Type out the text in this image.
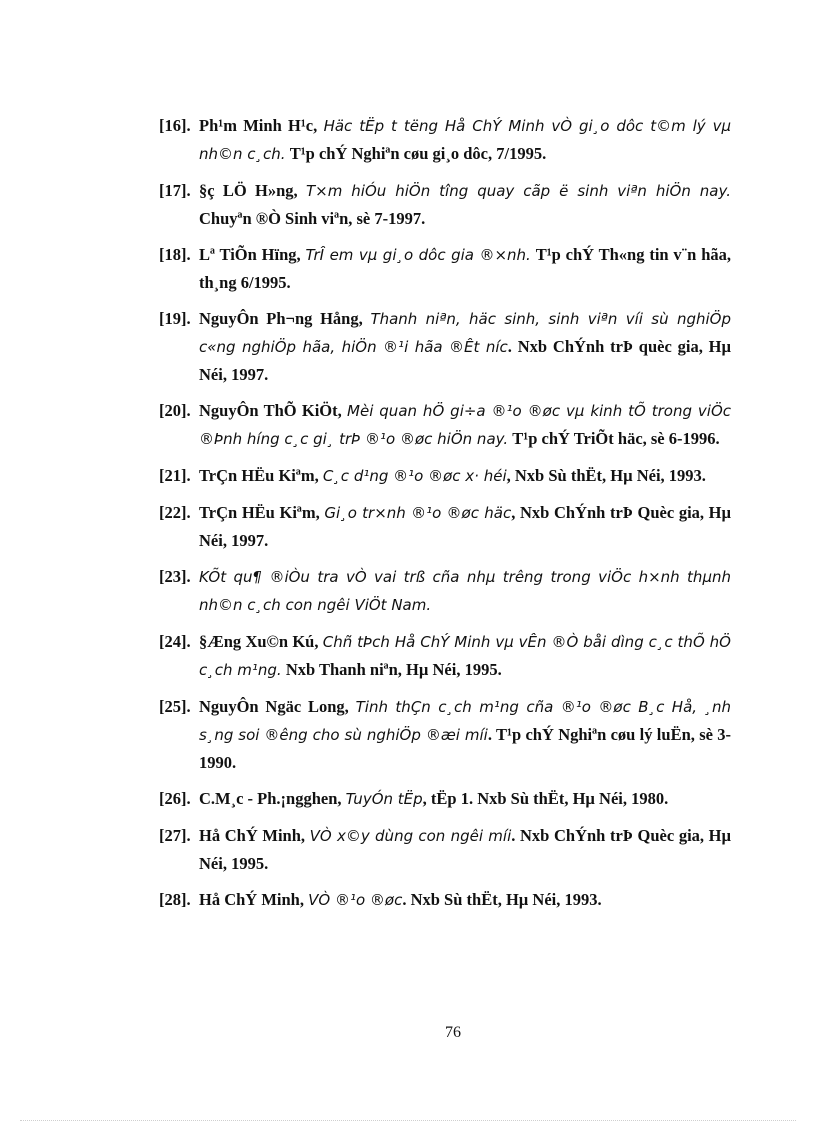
[16]. Ph¹m Minh H¹c, Häc tËp t tëng Hå ChÝ Minh vÒ gi¸o dôc t©m lý vµ nh©n c¸ch. T¹p chÝ Nghiªn cøu gi¸o dôc, 7/1995.
[17]. §ç LÖ H»ng, T×m hiÓu hiÖn tîng quay cãp ë sinh viªn hiÖn nay. Chuyªn ®Ò Sinh viªn, sè 7-1997.
[18]. Lª TiÕn Hïng, TrÎ em vµ gi¸o dôc gia ®×nh. T¹p chÝ Th«ng tin v¨n hãa, th¸ng 6/1995.
[19]. NguyÔn Ph¬ng Hång, Thanh niªn, häc sinh, sinh viªn víi sù nghiÖp c«ng nghiÖp hãa, hiÖn ®¹i hãa ®Êt níc. Nxb ChÝnh trÞ quèc gia, Hµ Néi, 1997.
[20]. NguyÔn ThÕ KiÖt, Mèi quan hÖ gi÷a ®¹o ®øc vµ kinh tÕ trong viÖc ®Þnh híng c¸c gi¸ trÞ ®¹o ®øc hiÖn nay. T¹p chÝ TriÕt häc, sè 6-1996.
[21]. TrÇn HËu Kiªm, C¸c d¹ng ®¹o ®øc x· héi, Nxb Sù thËt, Hµ Néi, 1993.
[22]. TrÇn HËu Kiªm, Gi¸o tr×nh ®¹o ®øc häc, Nxb ChÝnh trÞ Quèc gia, Hµ Néi, 1997.
[23]. KÕt qu¶ ®iÒu tra vÒ vai trß cña nhµ trêng trong viÖc h×nh thµnh nh©n c¸ch con ngêi ViÖt Nam.
[24]. §Æng Xu©n Kú, Chñ tÞch Hå ChÝ Minh vµ vÊn ®Ò båi dìng c¸c thÕ hÖ c¸ch m¹ng. Nxb Thanh niªn, Hµ Néi, 1995.
[25]. NguyÔn Ngäc Long, Tinh thÇn c¸ch m¹ng cña ®¹o ®øc B¸c Hå, ¸nh s¸ng soi ®êng cho sù nghiÖp ®æi míi. T¹p chÝ Nghiªn cøu lý luËn, sè 3-1990.
[26]. C.M¸c - Ph.¡ngghen, TuyÓn tËp, tËp 1. Nxb Sù thËt, Hµ Néi, 1980.
[27]. Hå ChÝ Minh, VÒ x©y dùng con ngêi míi. Nxb ChÝnh trÞ Quèc gia, Hµ Néi, 1995.
[28]. Hå ChÝ Minh, VÒ ®¹o ®øc. Nxb Sù thËt, Hµ Néi, 1993.
76
